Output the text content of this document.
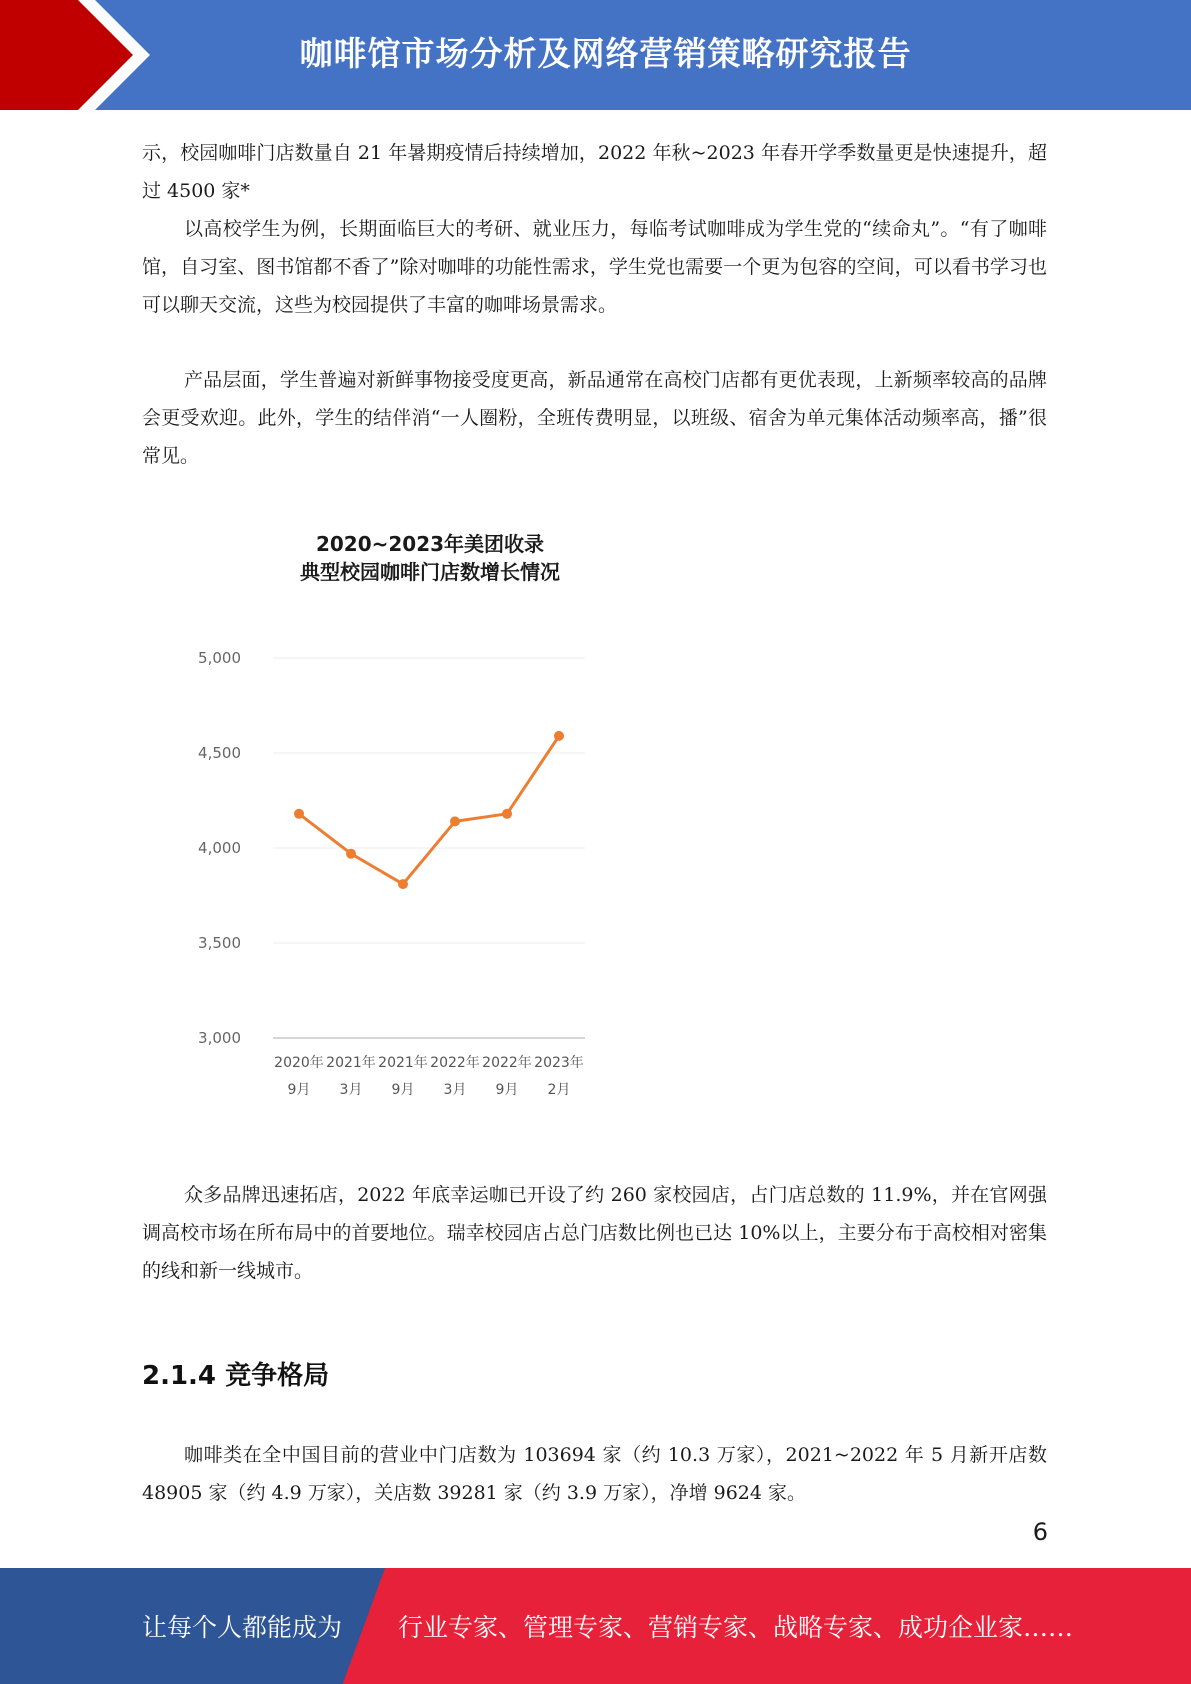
咖啡馆市场分析及网络营销策略研究报告

示，校园咖啡门店数量自 21 年暑期疫情后持续增加，2022 年秋~2023 年春开学季数量更是快速提升，超过 4500 家*

以高校学生为例，长期面临巨大的考研、就业压力，每临考试咖啡成为学生党的“续命丸”。“有了咖啡馆，自习室、图书馆都不香了”除对咖啡的功能性需求，学生党也需要一个更为包容的空间，可以看书学习也可以聊天交流，这些为校园提供了丰富的咖啡场景需求。

产品层面，学生普遍对新鲜事物接受度更高，新品通常在高校门店都有更优表现，上新频率较高的品牌会更受欢迎。此外，学生的结伴消“一人圈粉，全班传费明显，以班级、宿舍为单元集体活动频率高，播”很常见。

2020~2023年美团收录
典型校园咖啡门店数增长情况
3,000
3,500
4,000
4,500
5,000
2020年
9月
2021年
3月
2021年
9月
2022年
3月
2022年
9月
2023年
2月

众多品牌迅速拓店，2022 年底幸运咖已开设了约 260 家校园店，占门店总数的 11.9%，并在官网强调高校市场在所布局中的首要地位。瑞幸校园店占总门店数比例也已达 10%以上，主要分布于高校相对密集的线和新一线城市。

2.1.4 竞争格局

咖啡类在全中国目前的营业中门店数为 103694 家（约 10.3 万家），2021~2022 年 5 月新开店数 48905 家（约 4.9 万家），关店数 39281 家（约 3.9 万家），净增 9624 家。

6
让每个人都能成为 行业专家、管理专家、营销专家、战略专家、成功企业家……
